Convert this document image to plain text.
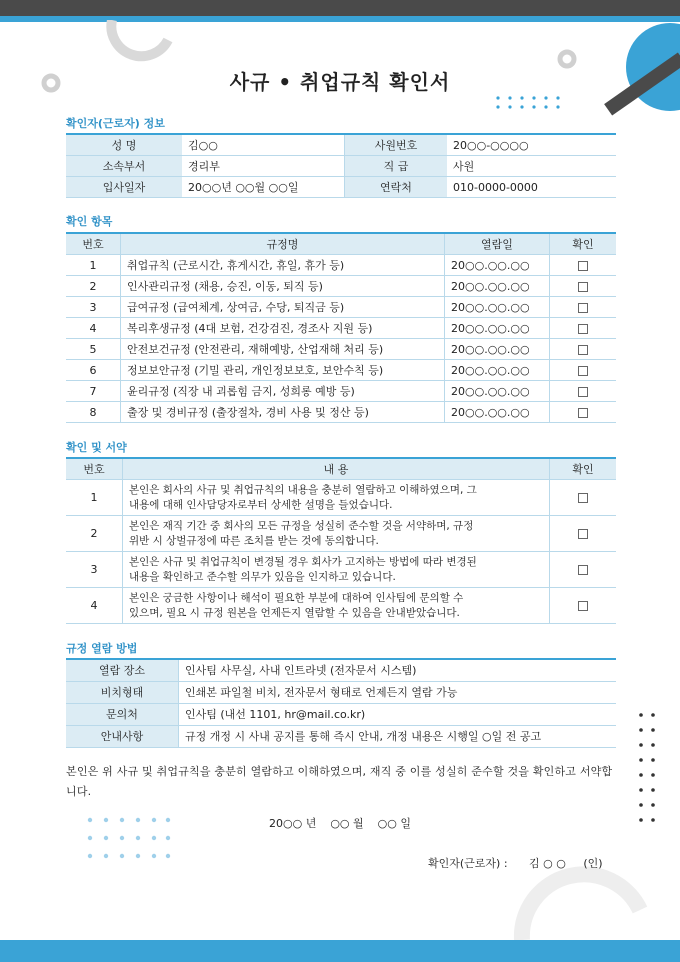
사규 • 취업규칙 확인서
확인자(근로자) 정보
성 명	김○○	사원번호	20○○-○○○○
소속부서	경리부	직 급	사원
입사일자	20○○년 ○○월 ○○일	연락처	010-0000-0000
확인 항목
번호	규정명	열람일	확인
1	취업규칙 (근로시간, 휴게시간, 휴일, 휴가 등)	20○○.○○.○○	
2	인사관리규정 (채용, 승진, 이동, 퇴직 등)	20○○.○○.○○	
3	급여규정 (급여체계, 상여금, 수당, 퇴직금 등)	20○○.○○.○○	
4	복리후생규정 (4대 보험, 건강검진, 경조사 지원 등)	20○○.○○.○○	
5	안전보건규정 (안전관리, 재해예방, 산업재해 처리 등)	20○○.○○.○○	
6	정보보안규정 (기밀 관리, 개인정보보호, 보안수칙 등)	20○○.○○.○○	
7	윤리규정 (직장 내 괴롭힘 금지, 성희롱 예방 등)	20○○.○○.○○	
8	출장 및 경비규정 (출장절차, 경비 사용 및 정산 등)	20○○.○○.○○	
확인 및 서약
번호	내 용	확인
1	본인은 회사의 사규 및 취업규칙의 내용을 충분히 열람하고 이해하였으며, 그
내용에 대해 인사담당자로부터 상세한 설명을 들었습니다.	

2	본인은 재직 기간 중 회사의 모든 규정을 성실히 준수할 것을 서약하며, 규정
위반 시 상벌규정에 따른 조치를 받는 것에 동의합니다.	

3	본인은 사규 및 취업규칙이 변경될 경우 회사가 고지하는 방법에 따라 변경된
내용을 확인하고 준수할 의무가 있음을 인지하고 있습니다.	

4	본인은 궁금한 사항이나 해석이 필요한 부분에 대하여 인사팀에 문의할 수
있으며, 필요 시 규정 원본을 언제든지 열람할 수 있음을 안내받았습니다.	

규정 열람 방법
열람 장소	인사팀 사무실, 사내 인트라넷 (전자문서 시스템)
비치형태	인쇄본 파일철 비치, 전자문서 형태로 언제든지 열람 가능
문의처	인사팀 (내선 1101, hr@mail.co.kr)
안내사항	규정 개정 시 사내 공지를 통해 즉시 안내, 개정 내용은 시행일 ○일 전 공고
본인은 위 사규 및 취업규칙을 충분히 열람하고 이해하였으며, 재직 중 이를 성실히 준수할 것을 확인하고 서약합니다.
20○○ 년    ○○ 월    ○○ 일
확인자(근로자) : 김 ○ ○ (인)
